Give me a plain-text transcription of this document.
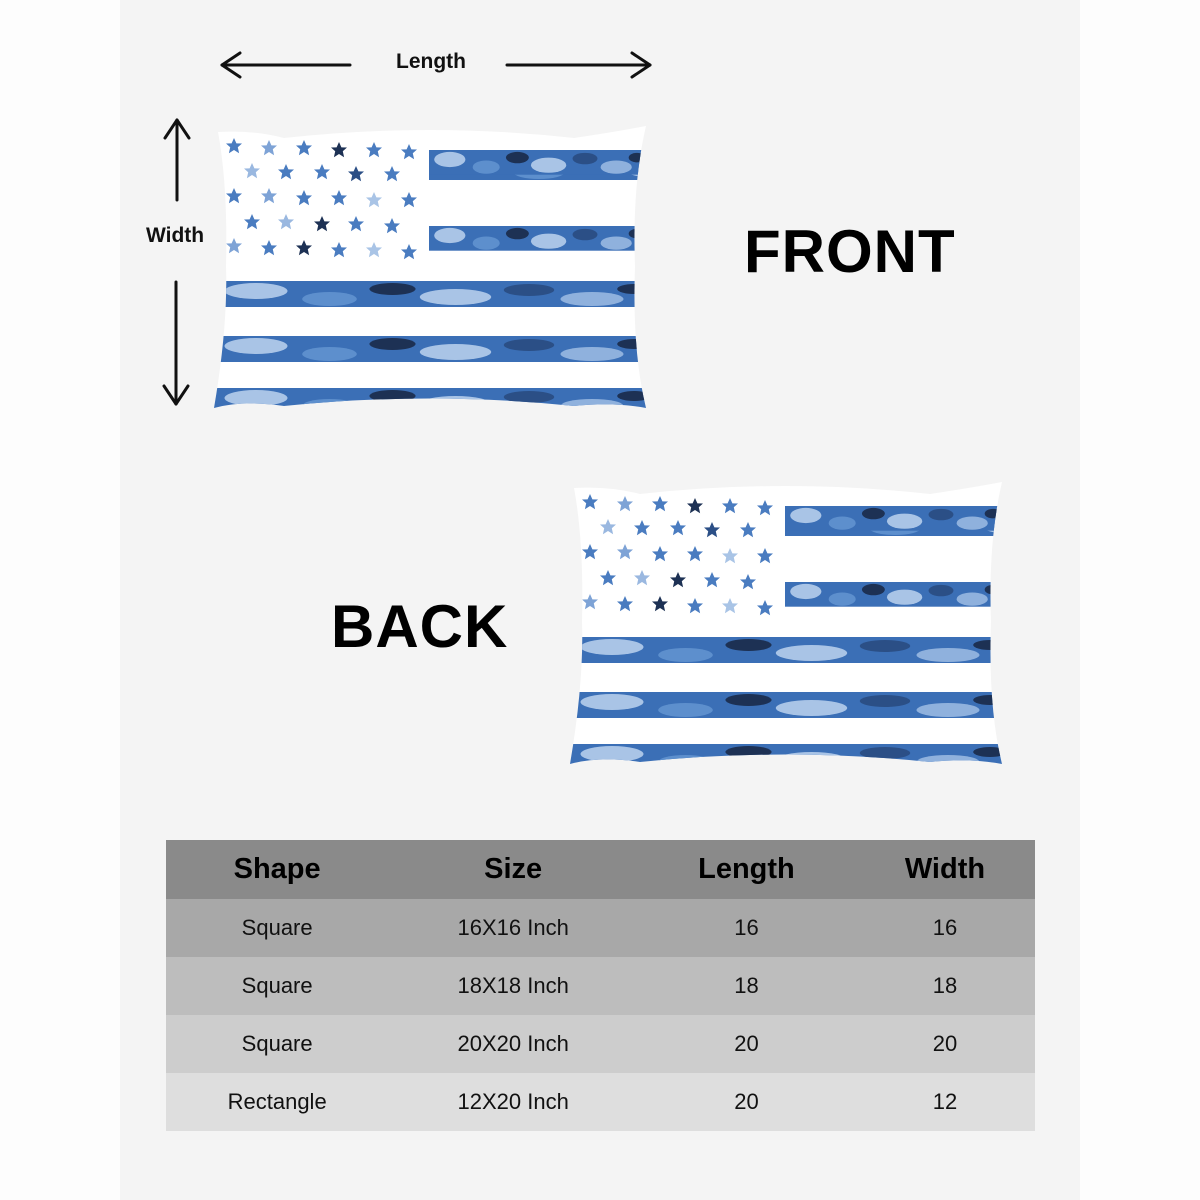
Length
Width	FRONT
BACK
Shape	Size	Length	Width
Square	16X16 Inch	16	16
Square	18X18 Inch	18	18
Square	20X20 Inch	20	20
Rectangle	12X20 Inch	20	12
